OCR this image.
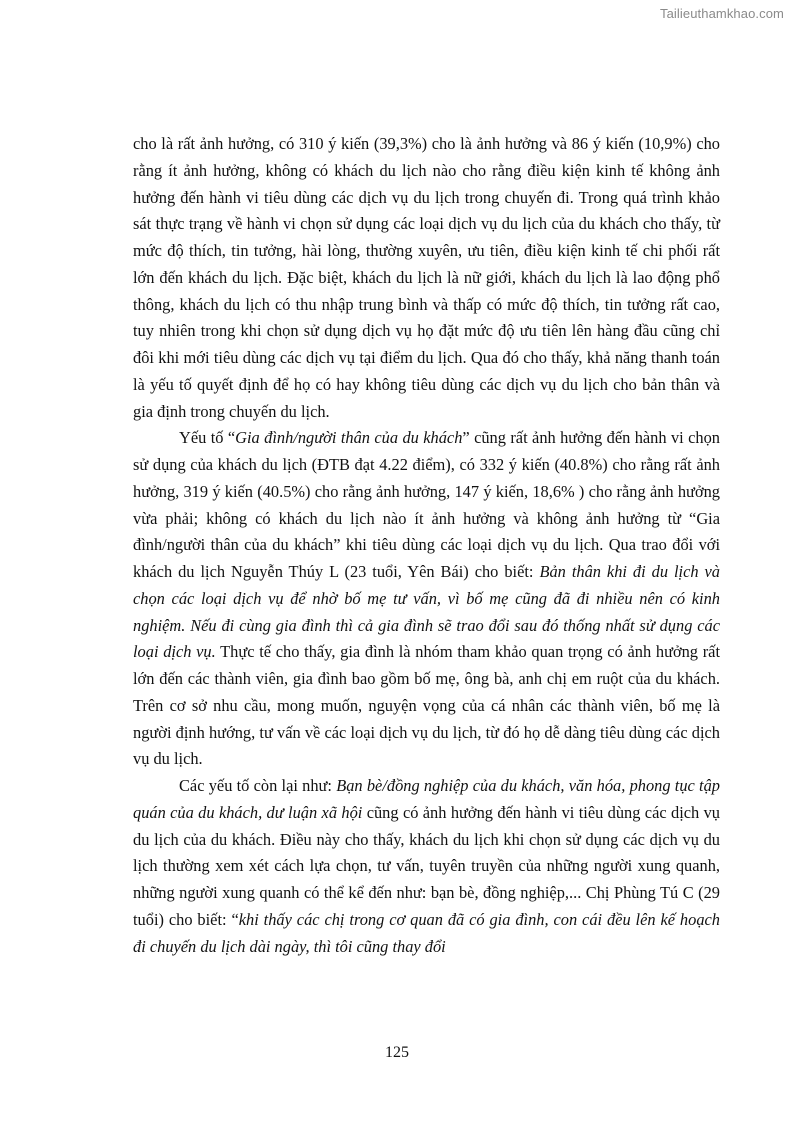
Tailieuthamkhao.com

cho là rất ảnh hưởng, có 310 ý kiến (39,3%) cho là ảnh hưởng và 86 ý kiến (10,9%) cho rằng ít ảnh hưởng, không có khách du lịch nào cho rằng điều kiện kinh tế không ảnh hưởng đến hành vi tiêu dùng các dịch vụ du lịch trong chuyến đi. Trong quá trình khảo sát thực trạng về hành vi chọn sử dụng các loại dịch vụ du lịch của du khách cho thấy, từ mức độ thích, tin tưởng, hài lòng, thường xuyên, ưu tiên, điều kiện kinh tế chi phối rất lớn đến khách du lịch. Đặc biệt, khách du lịch là nữ giới, khách du lịch là lao động phổ thông, khách du lịch có thu nhập trung bình và thấp có mức độ thích, tin tưởng rất cao, tuy nhiên trong khi chọn sử dụng dịch vụ họ đặt mức độ ưu tiên lên hàng đầu cũng chỉ đôi khi mới tiêu dùng các dịch vụ tại điểm du lịch. Qua đó cho thấy, khả năng thanh toán là yếu tố quyết định để họ có hay không tiêu dùng các dịch vụ du lịch cho bản thân và gia định trong chuyến du lịch.

Yếu tố “Gia đình/người thân của du khách” cũng rất ảnh hưởng đến hành vi chọn sử dụng của khách du lịch (ĐTB đạt 4.22 điểm), có 332 ý kiến (40.8%) cho rằng rất ảnh hưởng, 319 ý kiến (40.5%) cho rằng ảnh hưởng, 147 ý kiến, 18,6% ) cho rằng ảnh hưởng vừa phải; không có khách du lịch nào ít ảnh hưởng và không ảnh hưởng từ “Gia đình/người thân của du khách” khi tiêu dùng các loại dịch vụ du lịch. Qua trao đổi với khách du lịch Nguyễn Thúy L (23 tuổi, Yên Bái) cho biết: Bản thân khi đi du lịch và chọn các loại dịch vụ để nhờ bố mẹ tư vấn, vì bố mẹ cũng đã đi nhiều nên có kinh nghiệm. Nếu đi cùng gia đình thì cả gia đình sẽ trao đổi sau đó thống nhất sử dụng các loại dịch vụ. Thực tế cho thấy, gia đình là nhóm tham khảo quan trọng có ảnh hưởng rất lớn đến các thành viên, gia đình bao gồm bố mẹ, ông bà, anh chị em ruột của du khách. Trên cơ sở nhu cầu, mong muốn, nguyện vọng của cá nhân các thành viên, bố mẹ là người định hướng, tư vấn về các loại dịch vụ du lịch, từ đó họ dễ dàng tiêu dùng các dịch vụ du lịch.

Các yếu tố còn lại như: Bạn bè/đồng nghiệp của du khách, văn hóa, phong tục tập quán của du khách, dư luận xã hội cũng có ảnh hưởng đến hành vi tiêu dùng các dịch vụ du lịch của du khách. Điều này cho thấy, khách du lịch khi chọn sử dụng các dịch vụ du lịch thường xem xét cách lựa chọn, tư vấn, tuyên truyền của những người xung quanh, những người xung quanh có thể kể đến như: bạn bè, đồng nghiệp,... Chị Phùng Tú C (29 tuổi) cho biết: “khi thấy các chị trong cơ quan đã có gia đình, con cái đều lên kế hoạch đi chuyến du lịch dài ngày, thì tôi cũng thay đổi

125
